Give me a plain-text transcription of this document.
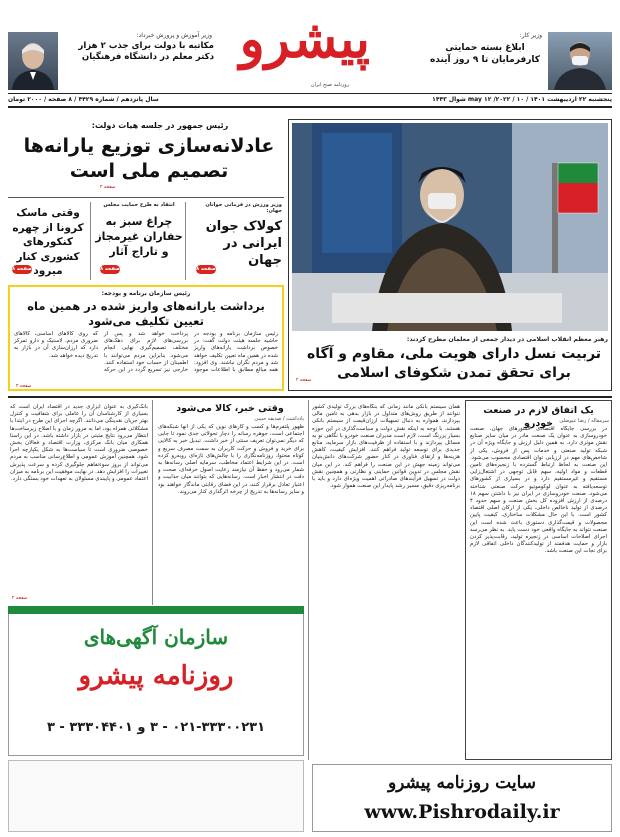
وزیر آموزش و پرورش خبرداد:
مکاتبه با دولت برای جذب ۲ هزار دکتر معلم در دانشگاه فرهنگیان پیشرو
روزنامه صبح ایران
وزیر کار:
ابلاغ بسته حمایتی کارفرمایان تا ۹ روز آینده
سال پانزدهم / شماره ۴۴۲۹ / ۸ صفحه / ۲۰۰۰ تومان	پنجشنبه ۲۲ اردیبهشت ۱۴۰۱ / may ۱۲ /۲۰۲۲ / ۱۰ شوال ۱۴۴۳
رهبر معظم انقلاب اسلامی در دیدار جمعی از معلمان مطرح کردند:
تربیت نسل دارای هویت ملی، مقاوم و آگاه برای تحقق تمدن شکوفای اسلامی
صفحه ۲
رئیس جمهور در جلسه هیات دولت:
عادلانه‌سازی توزیع یارانه‌ها تصمیم ملی است
صفحه ۲
وزیر ورزش در فرمانی جوانان جهان:
کولاک جوان ایرانی در جهان
صفحه ۸
انتقاد به طرح حمایت مجلس
چراغ سبز به حفاران غیرمجاز و تاراج آثار
صفحه ۸
وقتی ماسک کرونا از چهره کنکورهای کشوری کنار میرود
صفحه ۸
رئیس سازمان برنامه و بودجه:
برداشت یارانه‌های واریز شده در همین ماه تعیین تکلیف می‌شود
رئیس سازمان برنامه و بودجه در حاشیه جلسه هیئت دولت گفت: در خصوص برداشت یارانه‌های واریز شده در همین ماه تعیین تکلیف خواهد شد و مردم نگران نباشند. وی افزود: همه مبالغ مطابق با اطلاعات موجود پرداخت خواهد شد و پس از بررسی‌های لازم برای دهک‌های مختلف تصمیم‌گیری نهایی انجام می‌شود. بنابراین مردم می‌توانند با اطمینان از حساب خود استفاده کنند. خارجی نیز تسریع گردد در این حرکه که روی کالاهای اساسی، کالاهای ضروری مردم، لاستیک و دارو تمرکز دارد که ارزان‌سازی آن در بازار به تدریج دیده خواهد شد.
صفحه ۲
یک اتفاق لازم در صنعت خودرو	سرمقاله / رضا عیوضلی
در بررسی جایگاه اقتصادی کشورهای جهان، صنعت خودروسازی به عنوان یک صنعت مادر در میان سایر صنایع نقش موثری دارد. به همین دلیل ارزش و جایگاه ویژه آن در شبکه تولید صنعتی و خدمات پس از فروش، یکی از شاخص‌های مهم در ارزیابی توان اقتصادی محسوب می‌شود. این صنعت به لحاظ ارتباط گسترده با زنجیره‌های تامین قطعات و مواد اولیه، سهم قابل توجهی در اشتغال‌زایی مستقیم و غیرمستقیم دارد و در بسیاری از کشورهای توسعه‌یافته به عنوان لوکوموتیو حرکت صنعتی شناخته می‌شود. صنعت خودروسازی در ایران نیز با داشتن سهم ۱۸ درصدی از ارزش افزوده کل بخش صنعت و سهم حدود ۴ درصدی از تولید ناخالص داخلی، یکی از ارکان اصلی اقتصاد کشور است. با این حال مشکلات ساختاری، کیفیت پایین محصولات و قیمت‌گذاری دستوری باعث شده است این صنعت نتواند به جایگاه واقعی خود دست یابد. به نظر می‌رسد اجرای اصلاحات اساسی در زنجیره تولید، رقابت‌پذیر کردن بازار و حمایت هدفمند از تولیدکنندگان داخلی اتفاقی لازم برای نجات این صنعت باشد.
همان سیستم بانکی مانند زمانی که بنگاه‌های بزرگ تولیدی کشور نتوانند از طریق روش‌های متداول در بازار بدهی به تامین مالی بپردازند، همواره به دنبال تسهیلات ارزان‌قیمت از سیستم بانکی هستند. با توجه به اینکه نقش دولت و سیاست‌گذاری در این حوزه بسیار پررنگ است، لازم است مدیران صنعت خودرو با نگاهی نو به مسائل بپردازند و با استفاده از ظرفیت‌های بازار سرمایه، منابع جدیدی برای توسعه تولید فراهم کنند. افزایش کیفیت، کاهش هزینه‌ها و ارتقای فناوری در کنار حضور شرکت‌های دانش‌بنیان می‌تواند زمینه جهش در این صنعت را فراهم کند. در این میان نقش مجلس در تدوین قوانین حمایتی و نظارتی و همچنین نقش دولت در تسهیل فرآیندهای صادراتی اهمیت ویژه‌ای دارد و باید با برنامه‌ریزی دقیق، مسیر رشد پایدار این صنعت هموار شود.
وقتی خبر، کالا می‌شود
یادداشت / صدیقه حبیبی
ظهور پلتفرم‌ها و کسب و کار‌های نوین که یکی از آنها شبکه‌های اجتماعی است، جوهره رسانه را دچار تحولاتی جدی نمود تا جایی که دیگر نمی‌توان تعریف سنتی از خبر داشت. تبدیل خبر به کالایی برای خرید و فروش و حرکت کاربران به سمت مصرف سریع و کوتاه محتوا، روزنامه‌نگاری را با چالش‌های تازه‌ای روبه‌رو کرده است. در این شرایط اعتماد مخاطب، سرمایه اصلی رسانه‌ها به شمار می‌رود و حفظ آن نیازمند رعایت اصول حرفه‌ای، صحت و دقت در انتشار اخبار است. رسانه‌هایی که بتوانند میان جذابیت و اعتبار تعادل برقرار کنند، در این فضای رقابتی ماندگار خواهند بود و سایر رسانه‌ها به تدریج از چرخه اثرگذاری کنار می‌روند.
بانک‌گیری به عنوان ابزاری جدید در اقتصاد ایران است که بسیاری از کارشناسان آن را عاملی برای شفافیت و کنترل بهتر جریان نقدینگی می‌دانند. اگرچه اجرای این طرح در ابتدا با مشکلاتی همراه بود، اما به مرور زمان و با اصلاح زیرساخت‌ها انتظار می‌رود نتایج مثبتی در بازار داشته باشد. در این راستا همکاری میان بانک مرکزی، وزارت اقتصاد و فعالان بخش خصوصی ضروری است تا سیاست‌ها به شکل یکپارچه اجرا شود. همچنین آموزش عمومی و اطلاع‌رسانی مناسب به مردم می‌تواند از بروز سوءتفاهم جلوگیری کرده و سرعت پذیرش تغییرات را افزایش دهد. در نهایت موفقیت این برنامه به میزان اعتماد عمومی و پایبندی مسئولان به تعهدات خود بستگی دارد.
صفحه ۲
سازمان آگهی‌های
روزنامه پیشرو
۰۲۱-۳۳۳۰۰۲۳۱ - ۳ و ۳۳۳۰۴۴۰۱ - ۳
سایت روزنامه پیشرو
www.Pishrodaily.ir
